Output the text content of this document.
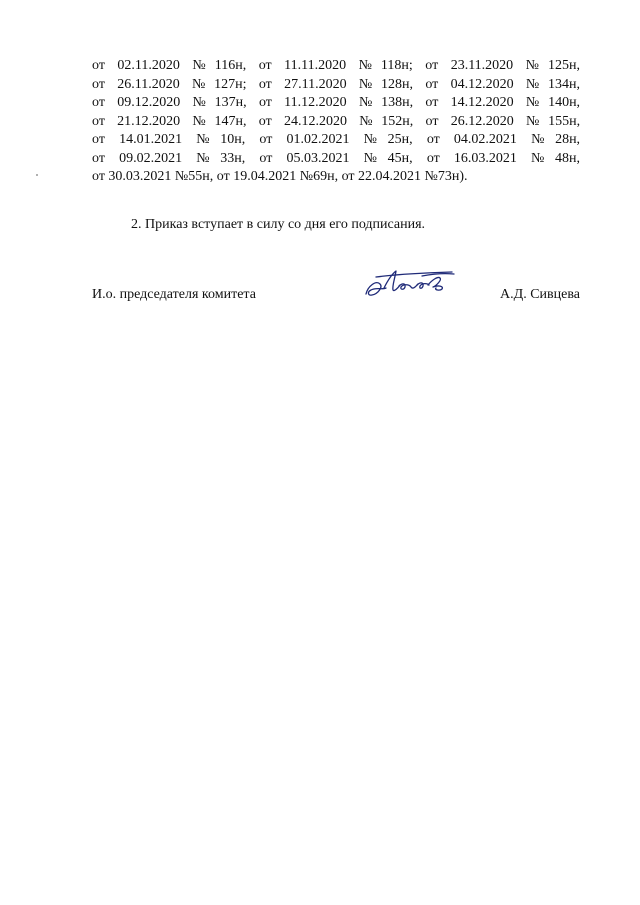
от 02.11.2020 №116н, от 11.11.2020 №118н; от 23.11.2020 №125н,
от 26.11.2020 №127н; от 27.11.2020 №128н, от 04.12.2020 №134н,
от 09.12.2020 №137н, от 11.12.2020 №138н, от 14.12.2020 №140н,
от 21.12.2020 №147н, от 24.12.2020 №152н, от 26.12.2020 №155н,
от 14.01.2021 №10н, от 01.02.2021 №25н, от 04.02.2021 №28н,
от 09.02.2021 №33н, от 05.03.2021 №45н, от 16.03.2021 №48н,
от 30.03.2021 №55н, от 19.04.2021 №69н, от 22.04.2021 №73н).
2. Приказ вступает в силу со дня его подписания.
И.о. председателя комитета	А.Д. Сивцева
